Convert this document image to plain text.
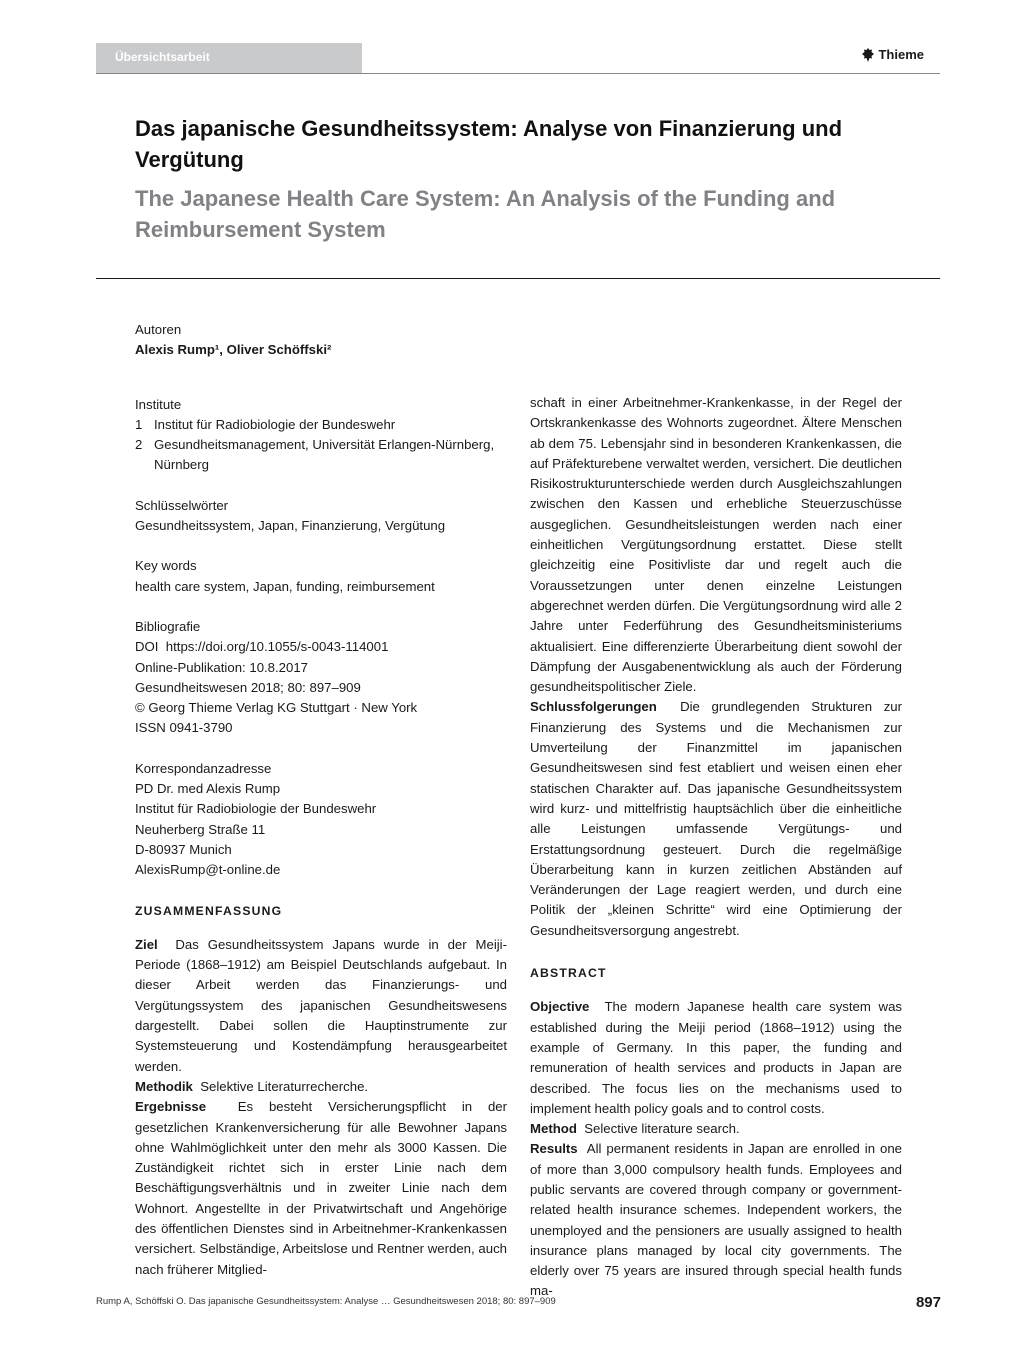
Übersichtsarbeit	Thieme
Das japanische Gesundheitssystem: Analyse von Finanzierung und Vergütung
The Japanese Health Care System: An Analysis of the Funding and Reimbursement System

Autoren

Alexis Rump¹, Oliver Schöffski²

Institute

1 Institut für Radiobiologie der Bundeswehr
2 Gesundheitsmanagement, Universität Erlangen-Nürnberg, Nürnberg

Schlüsselwörter

Gesundheitssystem, Japan, Finanzierung, Vergütung

Key words

health care system, Japan, funding, reimbursement

Bibliografie

DOI https://doi.org/10.1055/s-0043-114001

Online-Publikation: 10.8.2017

Gesundheitswesen 2018; 80: 897–909

© Georg Thieme Verlag KG Stuttgart · New York

ISSN 0941-3790

Korrespondanzadresse

PD Dr. med Alexis Rump

Institut für Radiobiologie der Bundeswehr

Neuherberg Straße 11

D-80937 Munich

AlexisRump@t-online.de

ZUSAMMENFASSUNG

Ziel Das Gesundheitssystem Japans wurde in der Meiji-Periode (1868–1912) am Beispiel Deutschlands aufgebaut. In dieser Arbeit werden das Finanzierungs- und Vergütungssystem des japanischen Gesundheitswesens dargestellt. Dabei sollen die Hauptinstrumente zur Systemsteuerung und Kostendämpfung herausgearbeitet werden.

Methodik Selektive Literaturrecherche.

Ergebnisse Es besteht Versicherungspflicht in der gesetzlichen Krankenversicherung für alle Bewohner Japans ohne Wahlmöglichkeit unter den mehr als 3000 Kassen. Die Zuständigkeit richtet sich in erster Linie nach dem Beschäftigungsverhältnis und in zweiter Linie nach dem Wohnort. Angestellte in der Privatwirtschaft und Angehörige des öffentlichen Dienstes sind in Arbeitnehmer-Krankenkassen versichert. Selbständige, Arbeitslose und Rentner werden, auch nach früherer Mitglied-

schaft in einer Arbeitnehmer-Krankenkasse, in der Regel der Ortskrankenkasse des Wohnorts zugeordnet. Ältere Menschen ab dem 75. Lebensjahr sind in besonderen Krankenkassen, die auf Präfekturebene verwaltet werden, versichert. Die deutlichen Risikostrukturunterschiede werden durch Ausgleichszahlungen zwischen den Kassen und erhebliche Steuerzuschüsse ausgeglichen. Gesundheitsleistungen werden nach einer einheitlichen Vergütungsordnung erstattet. Diese stellt gleichzeitig eine Positivliste dar und regelt auch die Voraussetzungen unter denen einzelne Leistungen abgerechnet werden dürfen. Die Vergütungsordnung wird alle 2 Jahre unter Federführung des Gesundheitsministeriums aktualisiert. Eine differenzierte Überarbeitung dient sowohl der Dämpfung der Ausgabenentwicklung als auch der Förderung gesundheitspolitischer Ziele.

Schlussfolgerungen Die grundlegenden Strukturen zur Finanzierung des Systems und die Mechanismen zur Umverteilung der Finanzmittel im japanischen Gesundheitswesen sind fest etabliert und weisen einen eher statischen Charakter auf. Das japanische Gesundheitssystem wird kurz- und mittelfristig hauptsächlich über die einheitliche alle Leistungen umfassende Vergütungs- und Erstattungsordnung gesteuert. Durch die regelmäßige Überarbeitung kann in kurzen zeitlichen Abständen auf Veränderungen der Lage reagiert werden, und durch eine Politik der „kleinen Schritte“ wird eine Optimierung der Gesundheitsversorgung angestrebt.

ABSTRACT

Objective The modern Japanese health care system was established during the Meiji period (1868–1912) using the example of Germany. In this paper, the funding and remuneration of health services and products in Japan are described. The focus lies on the mechanisms used to implement health policy goals and to control costs.

Method Selective literature search.

Results All permanent residents in Japan are enrolled in one of more than 3,000 compulsory health funds. Employees and public servants are covered through company or government-related health insurance schemes. Independent workers, the unemployed and the pensioners are usually assigned to health insurance plans managed by local city governments. The elderly over 75 years are insured through special health funds ma-

Rump A, Schöffski O. Das japanische Gesundheitssystem: Analyse … Gesundheitswesen 2018; 80: 897–909	897
